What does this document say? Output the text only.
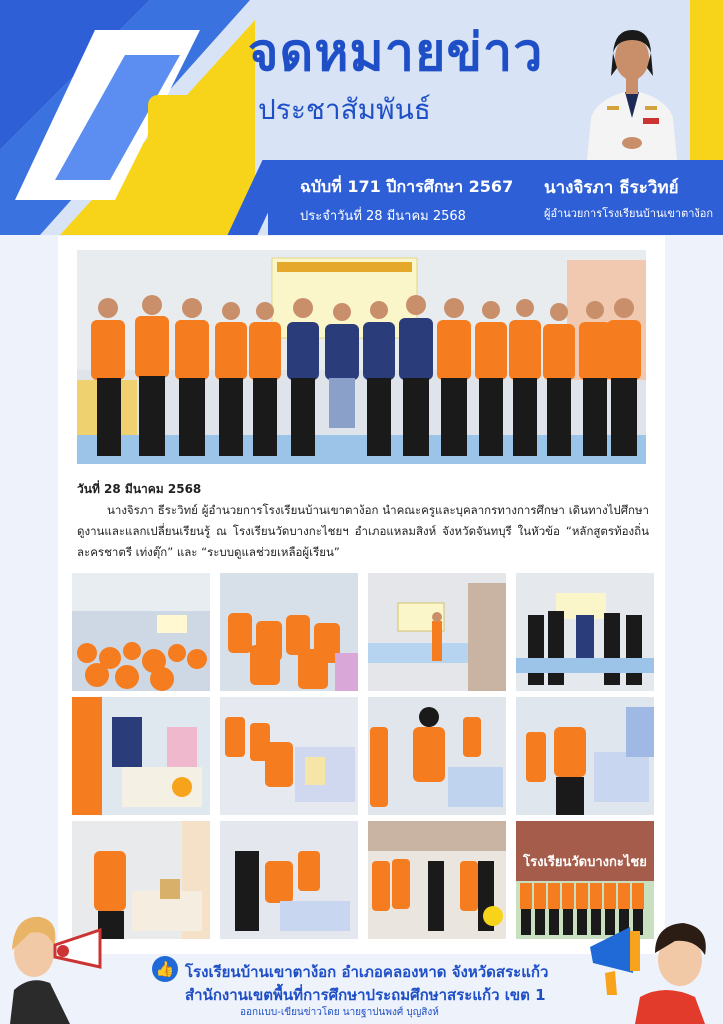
จดหมายข่าว
ประชาสัมพันธ์
ฉบับที่ 171 ปีการศึกษา 2567
ประจำวันที่ 28 มีนาคม 2568
นางจิรภา ธีระวิทย์
ผู้อำนวยการโรงเรียนบ้านเขาตาง้อก
วันที่ 28 มีนาคม 2568
นางจิรภา ธีระวิทย์ ผู้อำนวยการโรงเรียนบ้านเขาตาง้อก นำคณะครูและบุคลากรทางการศึกษา เดินทางไปศึกษาดูงานและแลกเปลี่ยนเรียนรู้ ณ โรงเรียนวัดบางกะไชยฯ อำเภอแหลมสิงห์ จังหวัดจันทบุรี ในหัวข้อ “หลักสูตรท้องถิ่น ละครชาตรี เท่งตุ๊ก” และ “ระบบดูแลช่วยเหลือผู้เรียน”
โรงเรียนวัดบางกะไชย
👍 โรงเรียนบ้านเขาตาง้อก อำเภอคลองหาด จังหวัดสระแก้ว
สำนักงานเขตพื้นที่การศึกษาประถมศึกษาสระแก้ว เขต 1
ออกแบบ-เขียนข่าวโดย นายฐาปนพงศ์ บุญสิงห์
